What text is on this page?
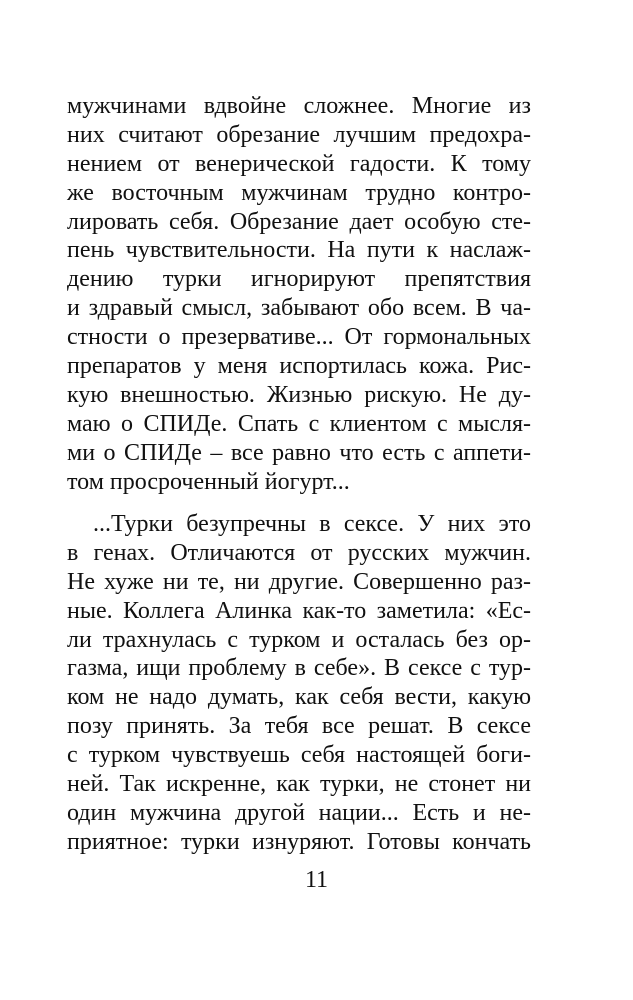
мужчинами вдвойне сложнее. Многие из
них считают обрезание лучшим предохра-
нением от венерической гадости. К тому
же восточным мужчинам трудно контро-
лировать себя. Обрезание дает особую сте-
пень чувствительности. На пути к наслаж-
дению турки игнорируют препятствия
и здравый смысл, забывают обо всем. В ча-
стности о презервативе... От гормональных
препаратов у меня испортилась кожа. Рис-
кую внешностью. Жизнью рискую. Не ду-
маю о СПИДе. Спать с клиентом с мысля-
ми о СПИДе – все равно что есть с аппети-
том просроченный йогурт...
...Турки безупречны в сексе. У них это
в генах. Отличаются от русских мужчин.
Не хуже ни те, ни другие. Совершенно раз-
ные. Коллега Алинка как-то заметила: «Ес-
ли трахнулась с турком и осталась без ор-
газма, ищи проблему в себе». В сексе с тур-
ком не надо думать, как себя вести, какую
позу принять. За тебя все решат. В сексе
с турком чувствуешь себя настоящей боги-
ней. Так искренне, как турки, не стонет ни
один мужчина другой нации... Есть и не-
приятное: турки изнуряют. Готовы кончать
11
